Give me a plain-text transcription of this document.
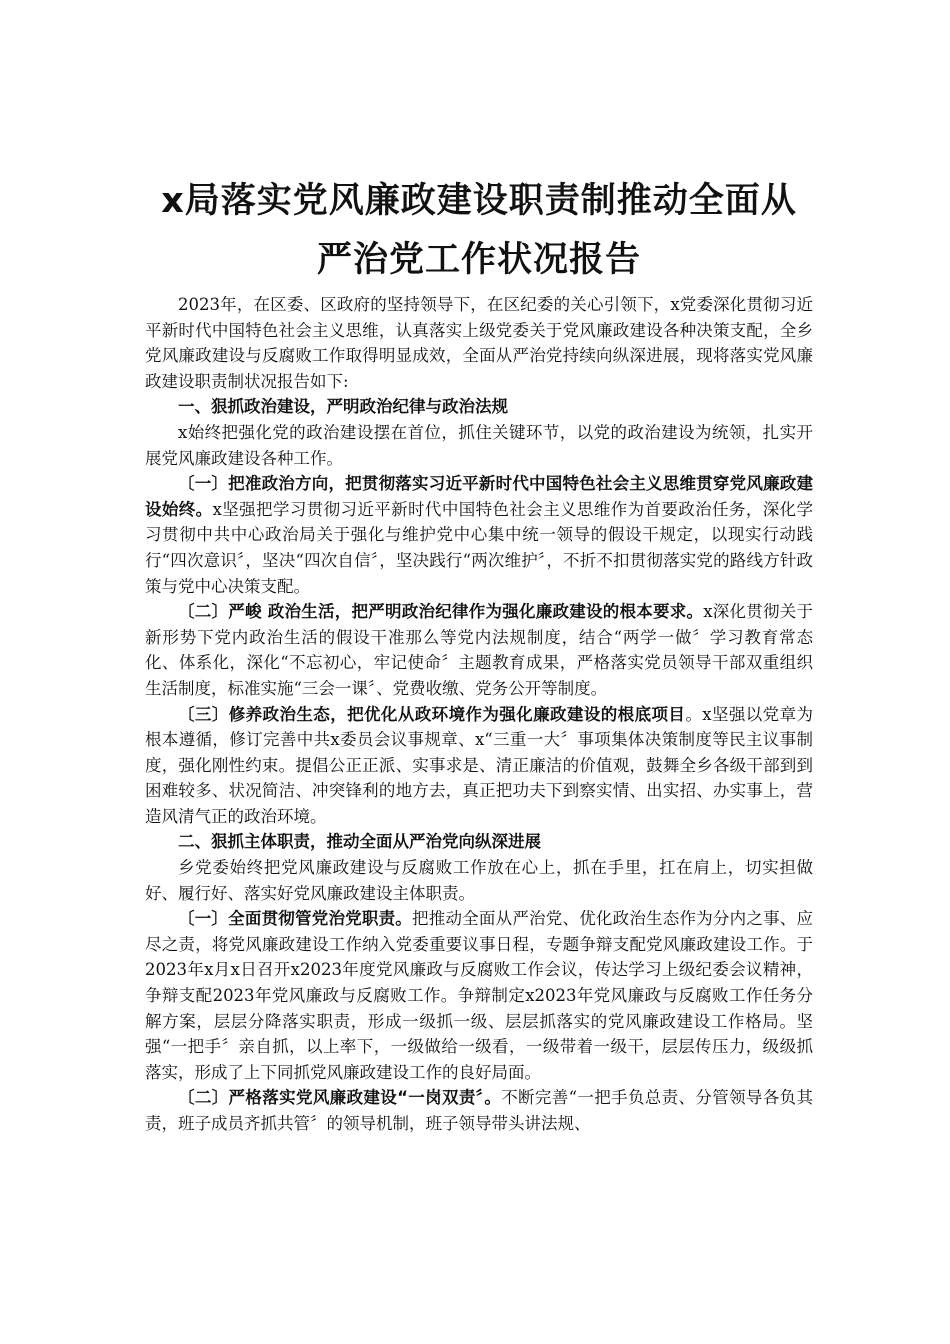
x局落实党风廉政建设职责制推动全面从
严治党工作状况报告

2023年，在区委、区政府的坚持领导下，在区纪委的关心引领下，x党委深化贯彻习近平新时代中国特色社会主义思维，认真落实上级党委关于党风廉政建设各种决策支配，全乡党风廉政建设与反腐败工作取得明显成效，全面从严治党持续向纵深进展，现将落实党风廉政建设职责制状况报告如下:

一、狠抓政治建设，严明政治纪律与政治法规

x始终把强化党的政治建设摆在首位，抓住关键环节，以党的政治建设为统领，扎实开展党风廉政建设各种工作。

〔一〕把准政治方向，把贯彻落实习近平新时代中国特色社会主义思维贯穿党风廉政建设始终。x坚强把学习贯彻习近平新时代中国特色社会主义思维作为首要政治任务，深化学习贯彻中共中心政治局关于强化与维护党中心集中统一领导的假设干规定，以现实行动践行“四次意识〞，坚决“四次自信〞，坚决践行“两次维护〞，不折不扣贯彻落实党的路线方针政策与党中心决策支配。

〔二〕严峻 政治生活，把严明政治纪律作为强化廉政建设的根本要求。x深化贯彻关于新形势下党内政治生活的假设干准那么等党内法规制度，结合“两学一做〞学习教育常态化、体系化，深化“不忘初心，牢记使命〞主题教育成果，严格落实党员领导干部双重组织生活制度，标准实施“三会一课〞、党费收缴、党务公开等制度。

〔三〕修养政治生态，把优化从政环境作为强化廉政建设的根底项目。x坚强以党章为根本遵循，修订完善中共x委员会议事规章、x“三重一大〞事项集体决策制度等民主议事制度，强化刚性约束。提倡公正正派、实事求是、清正廉洁的价值观，鼓舞全乡各级干部到到困难较多、状况简洁、冲突锋利的地方去，真正把功夫下到察实情、出实招、办实事上，营造风清气正的政治环境。

二、狠抓主体职责，推动全面从严治党向纵深进展

乡党委始终把党风廉政建设与反腐败工作放在心上，抓在手里，扛在肩上，切实担做好、履行好、落实好党风廉政建设主体职责。

〔一〕全面贯彻管党治党职责。把推动全面从严治党、优化政治生态作为分内之事、应尽之责，将党风廉政建设工作纳入党委重要议事日程，专题争辩支配党风廉政建设工作。于2023年x月x日召开x2023年度党风廉政与反腐败工作会议，传达学习上级纪委会议精神，争辩支配2023年党风廉政与反腐败工作。争辩制定x2023年党风廉政与反腐败工作任务分解方案，层层分降落实职责，形成一级抓一级、层层抓落实的党风廉政建设工作格局。坚强“一把手〞亲自抓，以上率下，一级做给一级看，一级带着一级干，层层传压力，级级抓落实，形成了上下同抓党风廉政建设工作的良好局面。

〔二〕严格落实党风廉政建设“一岗双责〞。不断完善“一把手负总责、分管领导各负其责，班子成员齐抓共管〞的领导机制，班子领导带头讲法规、
